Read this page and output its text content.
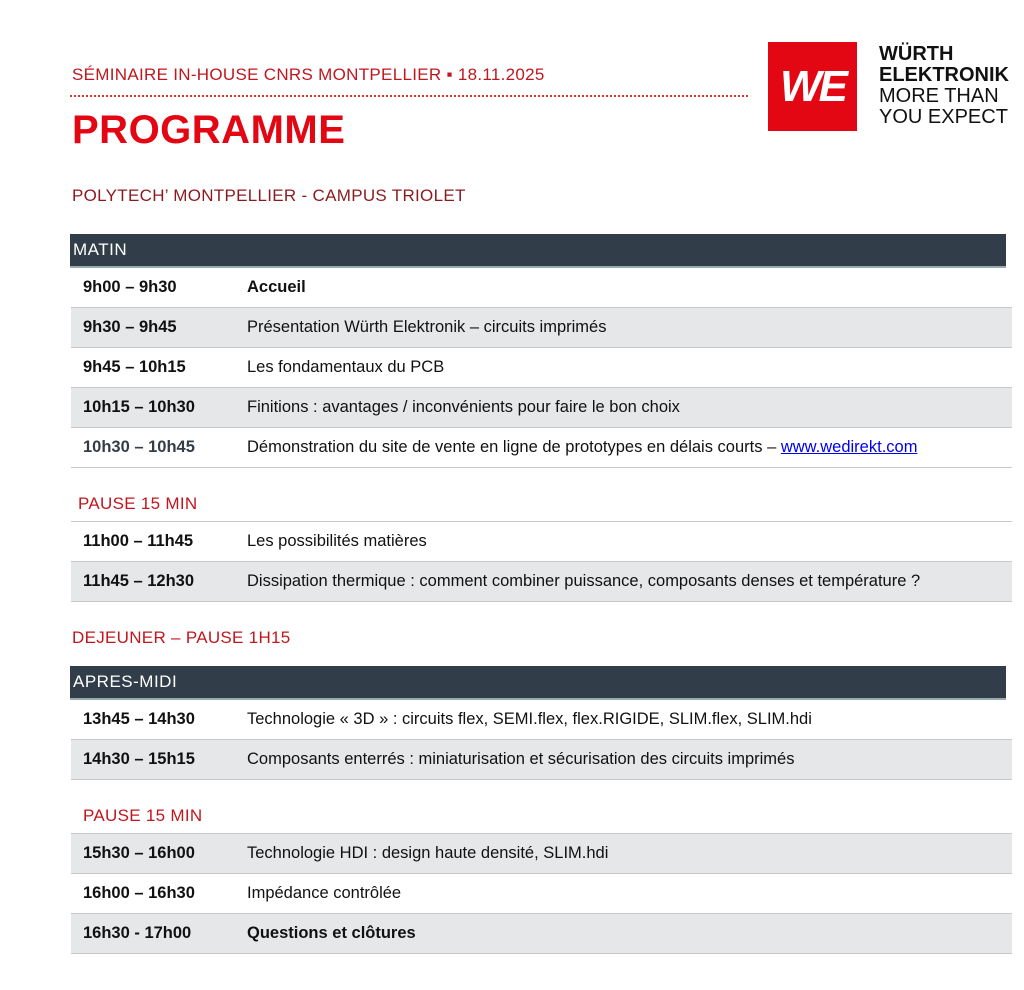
SÉMINAIRE IN-HOUSE CNRS MONTPELLIER ▪ 18.11.2025
PROGRAMME
POLYTECH’ MONTPELLIER - CAMPUS TRIOLET
WE
WÜRTH
ELEKTRONIK
MORE THAN
YOU EXPECT
MATIN
9h00 – 9h30	Accueil
9h30 – 9h45	Présentation Würth Elektronik – circuits imprimés
9h45 – 10h15	Les fondamentaux du PCB
10h15 – 10h30	Finitions : avantages / inconvénients pour faire le bon choix
10h30 – 10h45	Démonstration du site de vente en ligne de prototypes en délais courts – www.wedirekt.com
PAUSE 15 MIN
11h00 – 11h45	Les possibilités matières
11h45 – 12h30	Dissipation thermique : comment combiner puissance, composants denses et température ?
DEJEUNER – PAUSE 1H15
APRES-MIDI
13h45 – 14h30	Technologie « 3D » : circuits flex, SEMI.flex, flex.RIGIDE, SLIM.flex, SLIM.hdi
14h30 – 15h15	Composants enterrés : miniaturisation et sécurisation des circuits imprimés
PAUSE 15 MIN
15h30 – 16h00	Technologie HDI : design haute densité, SLIM.hdi
16h00 – 16h30	Impédance contrôlée
16h30 - 17h00	Questions et clôtures
